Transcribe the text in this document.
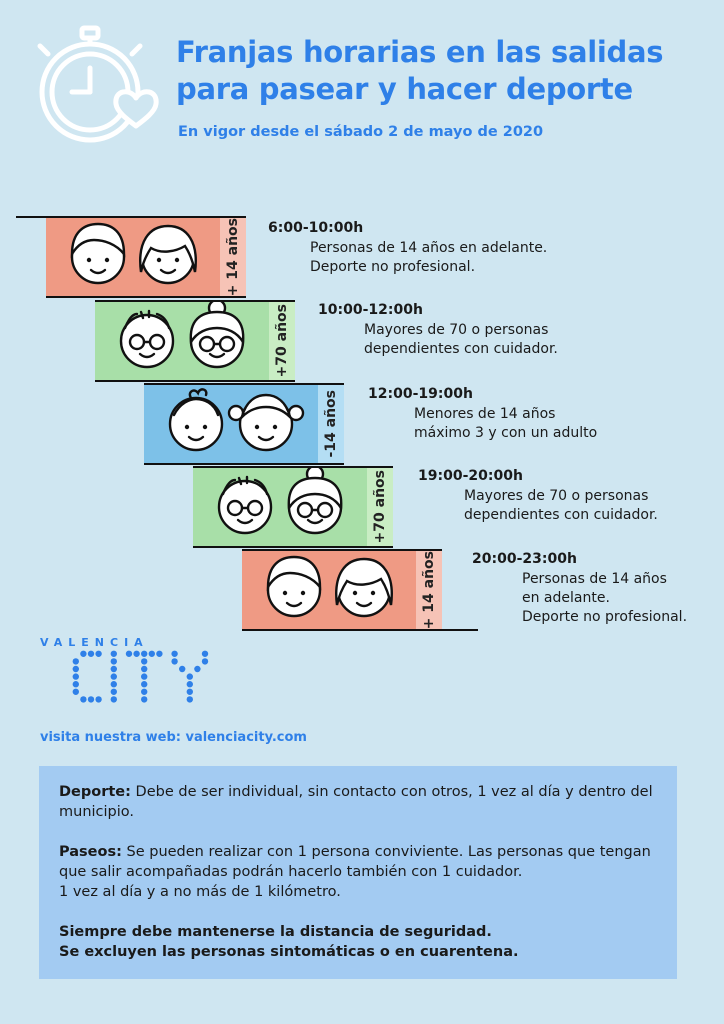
Franjas horarias en las salidas
para pasear y hacer deporte
En vigor desde el sábado 2 de mayo de 2020
+ 14 años
+70 años
-14 años
+70 años
+ 14 años
6:00-10:00h
Personas de 14 años en adelante.
Deporte no profesional.
10:00-12:00h
Mayores de 70 o personas
dependientes con cuidador.
12:00-19:00h
Menores de 14 años
máximo 3 y con un adulto
19:00-20:00h
Mayores de 70 o personas
dependientes con cuidador.
20:00-23:00h
Personas de 14 años
en adelante.
Deporte no profesional.
VALENCIA
visita nuestra web: valenciacity.com

Deporte: Debe de ser individual, sin contacto con otros, 1 vez al día y dentro del municipio.

Paseos: Se pueden realizar con 1 persona conviviente. Las personas que tengan que salir acompañadas podrán hacerlo también con 1 cuidador.
1 vez al día y a no más de 1 kilómetro.

Siempre debe mantenerse la distancia de seguridad.

Se excluyen las personas sintomáticas o en cuarentena.
